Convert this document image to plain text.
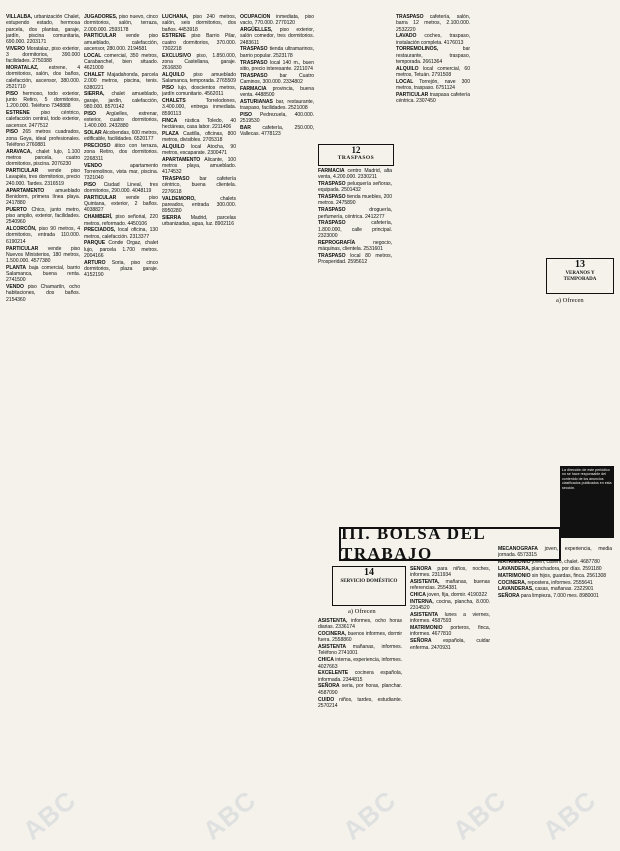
VILLALBA, urbanización Chalet, estupendo estado, hermosa parcela, dos plantas, garaje, jardín, piscina comunitaria, 690.000. 2203171

VIVERO Moratalaz, piso exterior, 3 dormitorios, 390.000 facilidades. 2750388

MORATALAZ, estrene, 4 dormitorios, salón, dos baños, calefacción, ascensor, 380.000. 2521710

PISO hermoso, todo exterior, junto Retiro, 5 dormitorios, 1.200.000. Teléfono 7348888

ESTRENE piso céntrico, calefacción central, todo exterior, ascensor. 2477512

PISO 265 metros cuadrados, zona Goya, ideal profesionales. Teléfono 2760881

ARAVACA, chalet lujo, 1.100 metros parcela, cuatro dormitorios, piscina. 2076230

PARTICULAR vende piso Lavapiés, tres dormitorios, precio 240.000. Tardes. 2316519

APARTAMENTO amueblado Benidorm, primera línea playa. 2417880

PUERTO Chico, junto metro, piso amplio, exterior, facilidades. 2540960

ALCORCÓN, piso 90 metros, 4 dormitorios, entrada 110.000. 6190214

PARTICULAR vende piso Nuevos Ministerios, 180 metros, 1.500.000. 4577380

PLANTA baja comercial, barrio Salamanca, buena renta. 2741500

VENDO piso Chamartín, ocho habitaciones, dos baños. 2154360

JUGADORES, piso nuevo, cinco dormitorios, salón, terraza, 2.000.000. 2593178

PARTICULAR vende piso amueblado, calefacción, ascensor, 280.000. 2194581

LOCAL comercial, 350 metros, Carabanchel, bien situado. 4621009

CHALET Majadahonda, parcela 2.000 metros, piscina, tenis. 6380221

SIERRA, chalet amueblado, garaje, jardín, calefacción, 980.000. 8570142

PISO Argüelles, estrenar, exterior, cuatro dormitorios, 1.400.000. 2432880

SOLAR Alcobendas, 600 metros, edificable, facilidades. 6520177

PRECIOSO ático con terraza, zona Retiro, dos dormitorios. 2268311

VENDO apartamento Torremolinos, vista mar, piscina. 7321040

PISO Ciudad Lineal, tres dormitorios, 290.000. 4048119

PARTICULAR vende piso Quintana, exterior, 2 baños. 4038827

CHAMBERÍ, piso señorial, 220 metros, reformado. 4450106

PRECIADOS, local oficina, 130 metros, calefacción. 2313377

PARQUE Conde Orgaz, chalet lujo, parcela 1.700 metros. 2004166

ARTURO Soria, piso cinco dormitorios, plaza garaje. 4152190

LUCHANA, piso 240 metros, salón, seis dormitorios, dos baños. 4453918

ESTRENE piso Barrio Pilar, cuatro dormitorios, 370.000. 7302218

EXCLUSIVO piso, 1.850.000, zona Castellana, garaje. 2616830

ALQUILO piso amueblado Salamanca, temporada. 2765509

PISO lujo, doscientos metros, jardín comunitario. 4562011

CHALETS Torrelodones, 3.400.000, entrega inmediata. 8590113

FINCA rústica Toledo, 40 hectáreas, casa labor. 2211406

PLAZA Castilla, oficinas, 800 metros, divisibles. 2705318

ALQUILO local Atocha, 90 metros, escaparate. 2300471

APARTAMENTO Alicante, 100 metros playa, amueblado. 4174532

TRASPASO bar cafetería céntrico, buena clientela. 2276618

VALDEMORO, chalets pareados, entrada 300.000. 8950280

SIERRA Madrid, parcelas urbanizadas, agua, luz. 8902116

OCUPACIÓN inmediata, piso vacío, 770.000. 2770120

ARGÜELLES, piso exterior, salón comedor, tres dormitorios. 2483611

TRASPASO tienda ultramarinos, barrio popular. 2523178

TRASPASO local 140 m., buen sitio, precio interesante. 2211074

TRASPASO bar Cuatro Caminos, 300.000. 2334802

FARMACIA provincia, buena venta. 4488500

ASTURIANAS bar, restaurante, traspaso, facilidades. 2521008

PISO Pedrezuela, 400.000. 2519530

BAR cafetería, 250.000, Vallecas. 4778123

12
TRASPASOS

FARMACIA centro Madrid, alta venta, 4.200.000. 2330211

TRASPASO peluquería señoras, equipada. 2501432

TRASPASO tienda muebles, 200 metros. 2475890

TRASPASO droguería, perfumería, céntrica. 2412277

TRASPASO cafetería, 1.800.000, calle principal. 2323000

REPROGRAFÍA negocio, máquinas, clientela. 2531601

TRASPASO local 80 metros, Prosperidad. 2595612

TRASPASO cafetería, salón, barra 12 metros, 2.100.000. 2532220

LAVADO coches, traspaso, instalación completa. 4176013

TORREMOLINOS, bar restaurante, traspaso, temporada. 2661364

ALQUILO local comercial, 60 metros, Tetuán. 2791508

LOCAL Torrejón, nave 300 metros, traspaso. 6751124

PARTICULAR traspasa cafetería céntrica. 2307450

13
VERANOS Y TEMPORADA
a) Ofrecen
La dirección de este periódico no se hace responsable del contenido de los anuncios clasificados publicados en esta sección.
III. BOLSA DEL TRABAJO
14
SERVICIO DOMÉSTICO
a) Ofrecen

ASISTENTA, informes, ocho horas diarias. 2336174

COCINERA, buenos informes, dormir fuera. 2558860

ASISTENTA mañanas, informes. Teléfono 2741001

CHICA interna, experiencia, informes. 4027663

EXCELENTE cocinera española, informada. 2344815

SEÑORA seria, por horas, planchar. 4587090

CUIDO niños, tardes, estudiante. 2570214

SEÑORA para niños, noches, informes. 2311934

ASISTENTA, mañanas, buenas referencias. 2554381

CHICA joven, fija, dormir. 4190322

INTERNA, cocina, plancha, 8.000. 2314520

ASISTENTA lunes a viernes, informes. 4587593

MATRIMONIO porteros, finca, informes. 4677810

SEÑORA española, cuidar enferma. 2470931

MECANÓGRAFA joven, experiencia, media jornada. 6573315

MATRIMONIO joven, casero, chalet. 4687780

LAVANDERA, planchadora, por días. 2591180

MATRIMONIO sin hijos, guardas, finca. 2561308

COCINERA, repostera, informes. 2555641

LAVANDERAS, casas, mañanas. 2322901

SEÑORA para limpieza, 7.000 mes. 8980001

ABC	ABC	ABC ABC ABC
